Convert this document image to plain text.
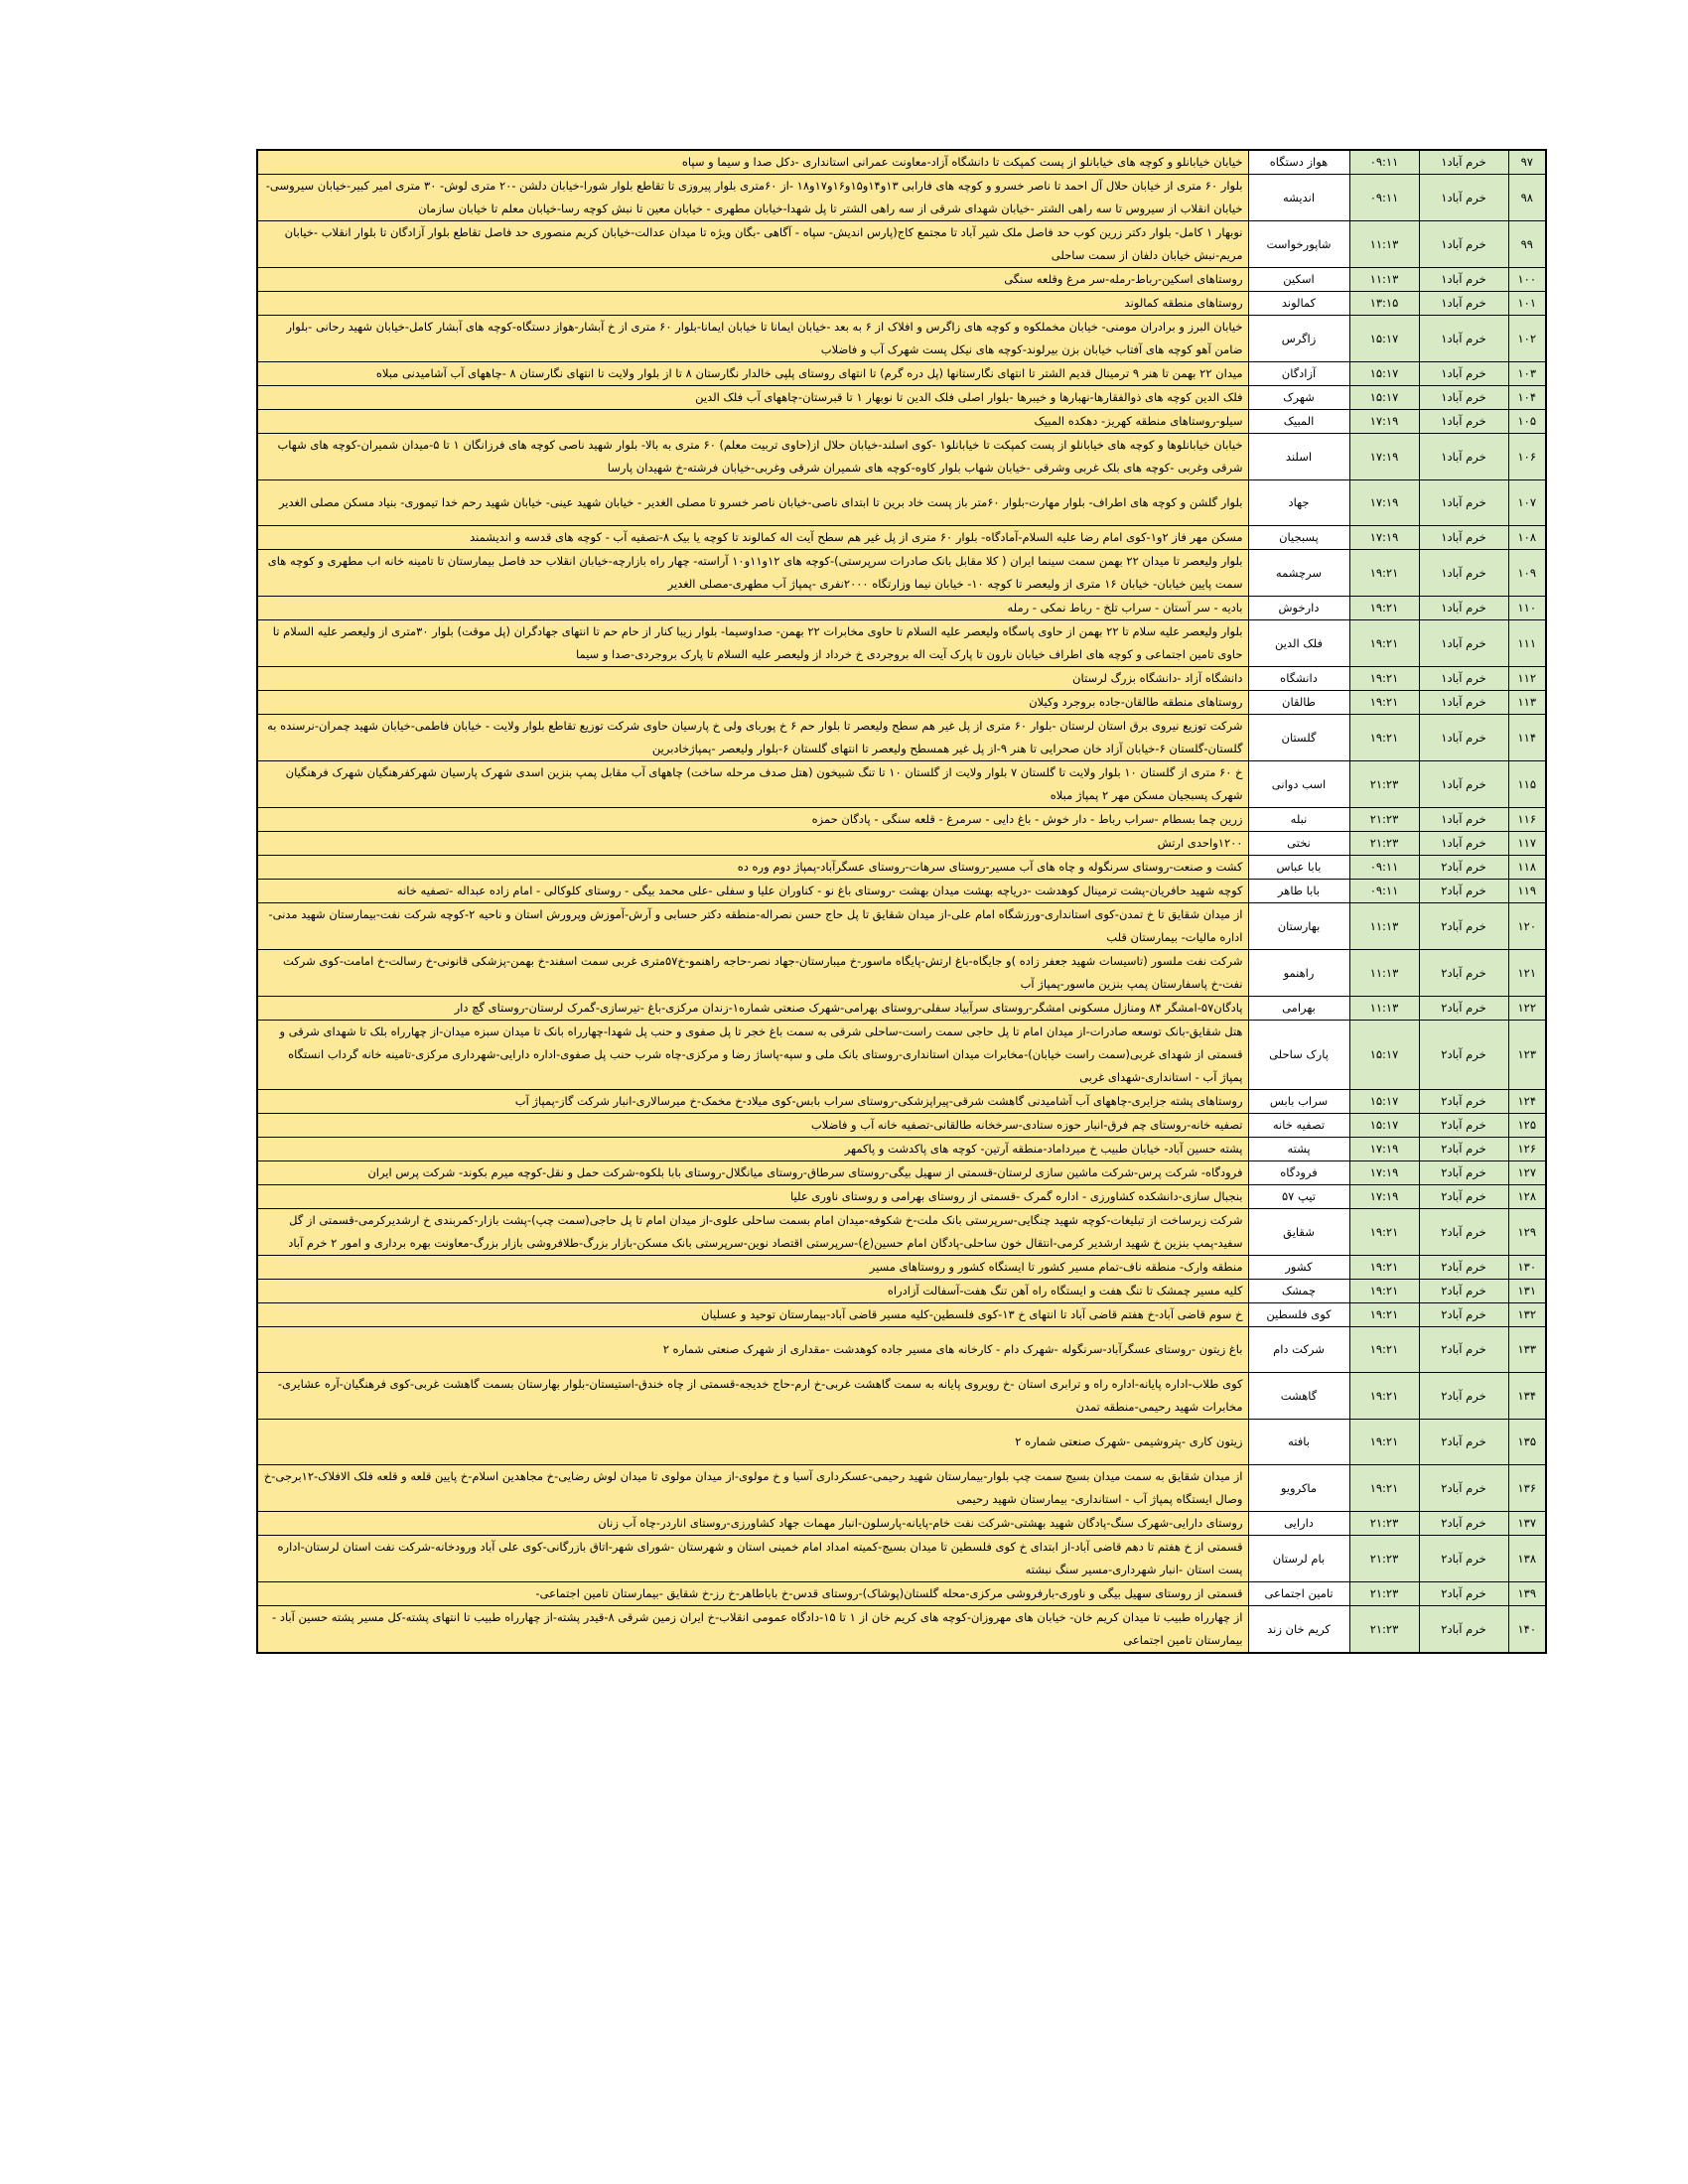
۹۷	خرم آباد۱	۰۹:۱۱	هواز دستگاه	خیابان خیابانلو و کوچه های خیابانلو از پست کمپکت تا دانشگاه آزاد-معاونت عمرانی استانداری -دکل صدا و سیما و سپاه
۹۸	خرم آباد۱	۰۹:۱۱	اندیشه	بلوار ۶۰ متری از خیابان حلال آل احمد تا ناصر خسرو و کوچه های فارابی ۱۳و۱۴و۱۵و۱۶و۱۷و۱۸ -از ۶۰متری بلوار پیروزی تا تقاطع بلوار شورا-خیابان دلشن -۲۰ متری لوش- ۳۰ متری امیر کبیر-خیابان سیروسی-خیابان انقلاب از سیروس تا سه راهی الشتر -خیابان شهدای شرقی از سه راهی الشتر تا پل شهدا-خیابان مطهری - خیابان معین تا نبش کوچه رسا-خیابان معلم تا خیابان سازمان
۹۹	خرم آباد۱	۱۱:۱۳	شاپورخواست	نوبهار ۱ کامل- بلوار دکتر زرین کوب حد فاصل ملک شیر آباد تا مجتمع کاج(پارس اندیش- سپاه - آگاهی -بگان ویژه تا میدان عدالت-خیابان کریم منصوری حد فاصل تقاطع بلوار آزادگان تا بلوار انقلاب -خیابان مریم-نبش خیابان دلفان از سمت ساحلی
۱۰۰	خرم آباد۱	۱۱:۱۳	اسکین	روستاهای اسکین-رباط-رمله-سر مرغ وقلعه سنگی
۱۰۱	خرم آباد۱	۱۳:۱۵	کمالوند	روستاهای منطقه کمالوند
۱۰۲	خرم آباد۱	۱۵:۱۷	زاگرس	خیابان البرز و برادران مومنی- خیابان مخملکوه و کوچه های زاگرس و افلاک از ۶ به بعد -خیابان ایمانا تا خیابان ایمانا-بلوار ۶۰ متری از خ آبشار-هواز دستگاه-کوچه های آبشار کامل-خیابان شهید رحانی -بلوار ضامن آهو کوچه های آفتاب خیابان بزن بیرلوند-کوچه های نیکل پست شهرک آب و فاضلاب
۱۰۳	خرم آباد۱	۱۵:۱۷	آزادگان	میدان ۲۲ بهمن تا هنر ۹ ترمینال قدیم الشتر تا انتهای نگارستانها (پل دره گرم) تا انتهای روستای پلپی خالدار نگارستان ۸ تا از بلوار ولایت تا انتهای نگارستان ۸ -چاههای آب آشامیدنی مبلاه
۱۰۴	خرم آباد۱	۱۵:۱۷	شهرک	فلک الدین کوچه های ذوالفقارها-نهبارها و خیبرها -بلوار اصلی فلک الدین تا نوبهار ۱ تا قبرستان-چاههای آب فلک الدین
۱۰۵	خرم آباد۱	۱۷:۱۹	المبیک	سیلو-روستاهای منطقه کهریز- دهکده المبیک
۱۰۶	خرم آباد۱	۱۷:۱۹	اسلند	خیابان خیابانلوها و کوچه های خیابانلو از پست کمپکت تا خیابانلو۱ -کوی اسلند-خیابان حلال از(حاوی تربیت معلم) ۶۰ متری به بالا- بلوار شهید ناصی کوچه های فرزانگان ۱ تا ۵-میدان شمیران-کوچه های شهاب شرقی وغربی -کوچه های بلک غربی وشرقی -خیابان شهاب بلوار کاوه-کوچه های شمیران شرقی وغربی-خیابان فرشته-خ شهیدان پارسا
۱۰۷	خرم آباد۱	۱۷:۱۹	جهاد	بلوار گلشن و کوچه های اطراف- بلوار مهارت-بلوار ۶۰متر باز پست خاد برین تا ابتدای ناصی-خیابان ناصر خسرو تا مصلی الغدیر - خیابان شهید عینی- خیابان شهید رحم خدا تیموری- بنیاد مسکن مصلی الغدیر
۱۰۸	خرم آباد۱	۱۷:۱۹	پسبجیان	مسکن مهر فاز ۲و۱-کوی امام رضا علیه السلام-آمادگاه- بلوار ۶۰ متری از پل غیر هم سطح آیت اله کمالوند تا کوچه یا بیک ۸-تصفیه آب - کوچه های قدسه و اندیشمند
۱۰۹	خرم آباد۱	۱۹:۲۱	سرچشمه	بلوار ولیعصر تا میدان ۲۲ بهمن سمت سینما ایران ( کلا مقابل بانک صادرات سرپرستی)-کوچه های ۱۲و۱۱و۱۰ آراسته- چهار راه بازارچه-خیابان انقلاب حد فاصل بیمارستان تا تامینه خانه اب مطهری و کوچه های سمت پایین خیابان- خیابان ۱۶ متری از ولیعصر تا کوچه ۱۰- خیابان نیما وزارتگاه ۲۰۰۰نفری -پمپاژ آب مطهری-مصلی الغدیر
۱۱۰	خرم آباد۱	۱۹:۲۱	دارخوش	بادیه - سر آستان - سراب تلخ - رباط نمکی - رمله
۱۱۱	خرم آباد۱	۱۹:۲۱	فلک الدین	بلوار ولیعصر علیه سلام تا ۲۲ بهمن از حاوی پاسگاه ولیعصر علیه السلام تا حاوی مخابرات ۲۲ بهمن- صداوسیما- بلوار زیبا کنار از حام حم تا انتهای جهادگران (پل موقت) بلوار ۳۰متری از ولیعصر علیه السلام تا حاوی تامین اجتماعی و کوچه های اطراف خیابان نارون تا پارک آیت اله بروجردی خ خرداد از ولیعصر علیه السلام تا پارک بروجردی-صدا و سیما
۱۱۲	خرم آباد۱	۱۹:۲۱	دانشگاه	دانشگاه آزاد -دانشگاه بزرگ لرستان
۱۱۳	خرم آباد۱	۱۹:۲۱	طالقان	روستاهای منطقه طالقان-جاده بروجرد وکیلان
۱۱۴	خرم آباد۱	۱۹:۲۱	گلستان	شرکت توزیع نیروی برق استان لرستان -بلوار ۶۰ متری از پل غیر هم سطح ولیعصر تا بلوار حم ۶ خ پوربای ولی خ پارسیان حاوی شرکت توزیع تقاطع بلوار ولایت - خیابان فاطمی-خیابان شهید چمران-نرسنده به گلستان-گلستان ۶-خیابان آزاد خان صحرایی تا هنر ۹-از پل غیر همسطح ولیعصر تا انتهای گلستان ۶-بلوار ولیعصر -پمپاژخادبرین
۱۱۵	خرم آباد۱	۲۱:۲۳	اسب دوانی	خ ۶۰ متری از گلستان ۱۰ بلوار ولایت تا گلستان ۷ بلوار ولایت از گلستان ۱۰ تا تنگ شبیخون (هتل صدف مرحله ساخت) چاههای آب مقابل پمپ بنزین اسدی شهرک پارسیان شهرکفرهنگیان شهرک فرهنگیان شهرک پسبجیان مسکن مهر ۲ پمپاژ مبلاه
۱۱۶	خرم آباد۱	۲۱:۲۳	نبله	زرین چما بسطام -سراب رباط - دار خوش - باغ دایی - سرمرغ - قلعه سنگی - پادگان حمزه
۱۱۷	خرم آباد۱	۲۱:۲۳	نختی	۱۲۰۰واحدی ارتش
۱۱۸	خرم آباد۲	۰۹:۱۱	بابا عباس	کشت و صنعت-روستای سرنگوله و چاه های آب مسیر-روستای سرهات-روستای عسگرآباد-پمپاژ دوم وره ده
۱۱۹	خرم آباد۲	۰۹:۱۱	بابا طاهر	کوچه شهید حافریان-پشت ترمینال کوهدشت -دریاچه بهشت میدان بهشت -روستای باغ نو - کناوران علیا و سفلی -علی محمد بیگی - روستای کلوکالی - امام زاده عبداله -تصفیه خانه
۱۲۰	خرم آباد۲	۱۱:۱۳	بهارستان	از میدان شقایق تا خ تمدن-کوی استانداری-ورزشگاه امام علی-از میدان شقایق تا پل حاج حسن نصراله-منطقه دکتر حسابی و آرش-آموزش وپرورش استان و ناحیه ۲-کوچه شرکت نفت-بیمارستان شهید مدنی-اداره مالیات- بیمارستان قلب
۱۲۱	خرم آباد۲	۱۱:۱۳	راهنمو	شرکت نفت ملسور (تاسیسات شهید جعفر زاده )و جایگاه-باغ ارتش-پایگاه ماسور-خ میبارستان-جهاد نصر-حاجه راهنمو-خ۵۷متری غربی سمت اسفند-خ بهمن-پزشکی قانونی-خ رسالت-خ امامت-کوی شرکت نفت-خ پاسفارستان پمپ بنزین ماسور-پمپاژ آب
۱۲۲	خرم آباد۲	۱۱:۱۳	بهرامی	پادگان۵۷-امشگر ۸۴ ومنازل مسکونی امشگر-روستای سرآبیاد سفلی-روستای بهرامی-شهرک صنعتی شماره۱-زندان مرکزی-باغ -تیرسازی-گمرک لرستان-روستای گچ دار
۱۲۳	خرم آباد۲	۱۵:۱۷	پارک ساحلی	هتل شقایق-بانک توسعه صادرات-از میدان امام تا پل حاجی سمت راست-ساحلی شرقی به سمت باغ خجر تا پل صفوی و حنب پل شهدا-چهارراه بانک تا میدان سبزه میدان-از چهارراه بلک تا شهدای شرقی و قسمتی از شهدای غربی(سمت راست خیابان)-مخابرات میدان استانداری-روستای بانک ملی و سپه-پاساژ رضا و مرکزی-چاه شرب حنب پل صفوی-اداره دارایی-شهرداری مرکزی-تامینه خانه گرداب انستگاه پمپاژ آب - استانداری-شهدای غربی
۱۲۴	خرم آباد۲	۱۵:۱۷	سراب بابس	روستاهای پشته جزایری-چاههای آب آشامیدنی گاهشت شرقی-پیراپزشکی-روستای سراب بابس-کوی میلاد-خ مخمک-خ میرسالاری-انبار شرکت گاز-پمپاژ آب
۱۲۵	خرم آباد۲	۱۵:۱۷	تصفیه خانه	تصفیه خانه-روستای چم فرق-انبار حوزه ستادی-سرخخانه طالقانی-تصفیه خانه آب و فاضلاب
۱۲۶	خرم آباد۲	۱۷:۱۹	پشته	پشته حسین آباد- خیابان طبیب خ میرداماد-منطقه آرتین- کوچه های پاکدشت و پاکمهر
۱۲۷	خرم آباد۲	۱۷:۱۹	فرودگاه	فرودگاه- شرکت پرس-شرکت ماشین سازی لرستان-قسمتی از سهیل بیگی-روستای سرطاق-روستای میانگلال-روستای بابا بلکوه-شرکت حمل و نقل-کوچه میرم بکوند- شرکت پرس ایران
۱۲۸	خرم آباد۲	۱۷:۱۹	تیپ ۵۷	بنجبال سازی-دانشکده کشاورزی - اداره گمرک -قسمتی از روستای بهرامی و روستای ناوری علیا
۱۲۹	خرم آباد۲	۱۹:۲۱	شقایق	شرکت زیرساخت از تبلیغات-کوچه شهید چنگایی-سرپرستی بانک ملت-خ شکوفه-میدان امام بسمت ساحلی علوی-از میدان امام تا پل حاجی(سمت چپ)-پشت بازار-کمربندی خ ارشدیرکرمی-قسمتی از گل سفید-پمپ بنزین خ شهید ارشدیر کرمی-انتقال خون ساحلی-پادگان امام حسین(ع)-سرپرستی اقتصاد نوین-سرپرستی بانک مسکن-بازار بزرگ-طلافروشی بازار بزرگ-معاونت بهره برداری و امور ۲ خرم آباد
۱۳۰	خرم آباد۲	۱۹:۲۱	کشور	منطقه وارک- منطقه ناف-تمام مسیر کشور تا ایستگاه کشور و روستاهای مسیر
۱۳۱	خرم آباد۲	۱۹:۲۱	چمشک	کلیه مسیر چمشک تا تنگ هفت و ایستگاه راه آهن تنگ هفت-آسفالت آزادراه
۱۳۲	خرم آباد۲	۱۹:۲۱	کوی فلسطین	خ سوم قاضی آباد-خ هفتم قاضی آباد تا انتهای خ ۱۳-کوی فلسطین-کلیه مسیر قاضی آباد-بیمارستان توحید و عسلیان
۱۳۳	خرم آباد۲	۱۹:۲۱	شرکت دام	باغ زیتون -روستای عسگرآباد-سرنگوله -شهرک دام - کارخانه های مسیر جاده کوهدشت -مقداری از شهرک صنعتی شماره ۲
۱۳۴	خرم آباد۲	۱۹:۲۱	گاهشت	کوی طلاب-اداره پایانه-اداره راه و ترابری استان -خ رویروی پایانه به سمت گاهشت غربی-خ ارم-حاج خدیجه-قسمتی از چاه خندق-استیستان-بلوار بهارستان بسمت گاهشت غربی-کوی فرهنگیان-آره عشایری-مخابرات شهید رحیمی-منطقه تمدن
۱۳۵	خرم آباد۲	۱۹:۲۱	بافته	زیتون کاری -پتروشیمی -شهرک صنعتی شماره ۲
۱۳۶	خرم آباد۲	۱۹:۲۱	ماکرویو	از میدان شقایق به سمت میدان بسیج سمت چپ بلوار-بیمارستان شهید رحیمی-عسکرداری آسیا و خ مولوی-از میدان مولوی تا میدان لوش رضایی-خ مجاهدین اسلام-خ پایین قلعه و قلعه فلک الافلاک-۱۲برجی-خ وصال ایستگاه پمپاژ آب - استانداری- بیمارستان شهید رحیمی
۱۳۷	خرم آباد۲	۲۱:۲۳	دارایی	روستای دارایی-شهرک سنگ-پادگان شهید بهشتی-شرکت نفت خام-پایانه-پارسلون-انبار مهمات جهاد کشاورزی-روستای اناردر-چاه آب زنان
۱۳۸	خرم آباد۲	۲۱:۲۳	بام لرستان	قسمتی از خ هفتم تا دهم قاضی آباد-از ابتدای خ کوی فلسطین تا میدان بسیج-کمیته امداد امام خمینی استان و شهرستان -شورای شهر-اتاق بازرگانی-کوی علی آباد ورودخانه-شرکت نفت استان لرستان-اداره پست استان -انبار شهرداری-مسیر سنگ نبشته
۱۳۹	خرم آباد۲	۲۱:۲۳	تامین اجتماعی	قسمتی از روستای سهیل بیگی و ناوری-بارفروشی مرکزی-محله گلستان(پوشاک)-روستای قدس-خ باباطاهر-خ رز-خ شقایق -بیمارستان تامین اجتماعی-
۱۴۰	خرم آباد۲	۲۱:۲۳	کریم خان زند	از چهارراه طبیب تا میدان کریم خان- خیابان های مهروزان-کوچه های کریم خان از ۱ تا ۱۵-دادگاه عمومی انقلاب-خ ایران زمین شرقی ۸-قیدر پشته-از چهارراه طبیب تا انتهای پشته-کل مسیر پشته حسین آباد - بیمارستان تامین اجتماعی
